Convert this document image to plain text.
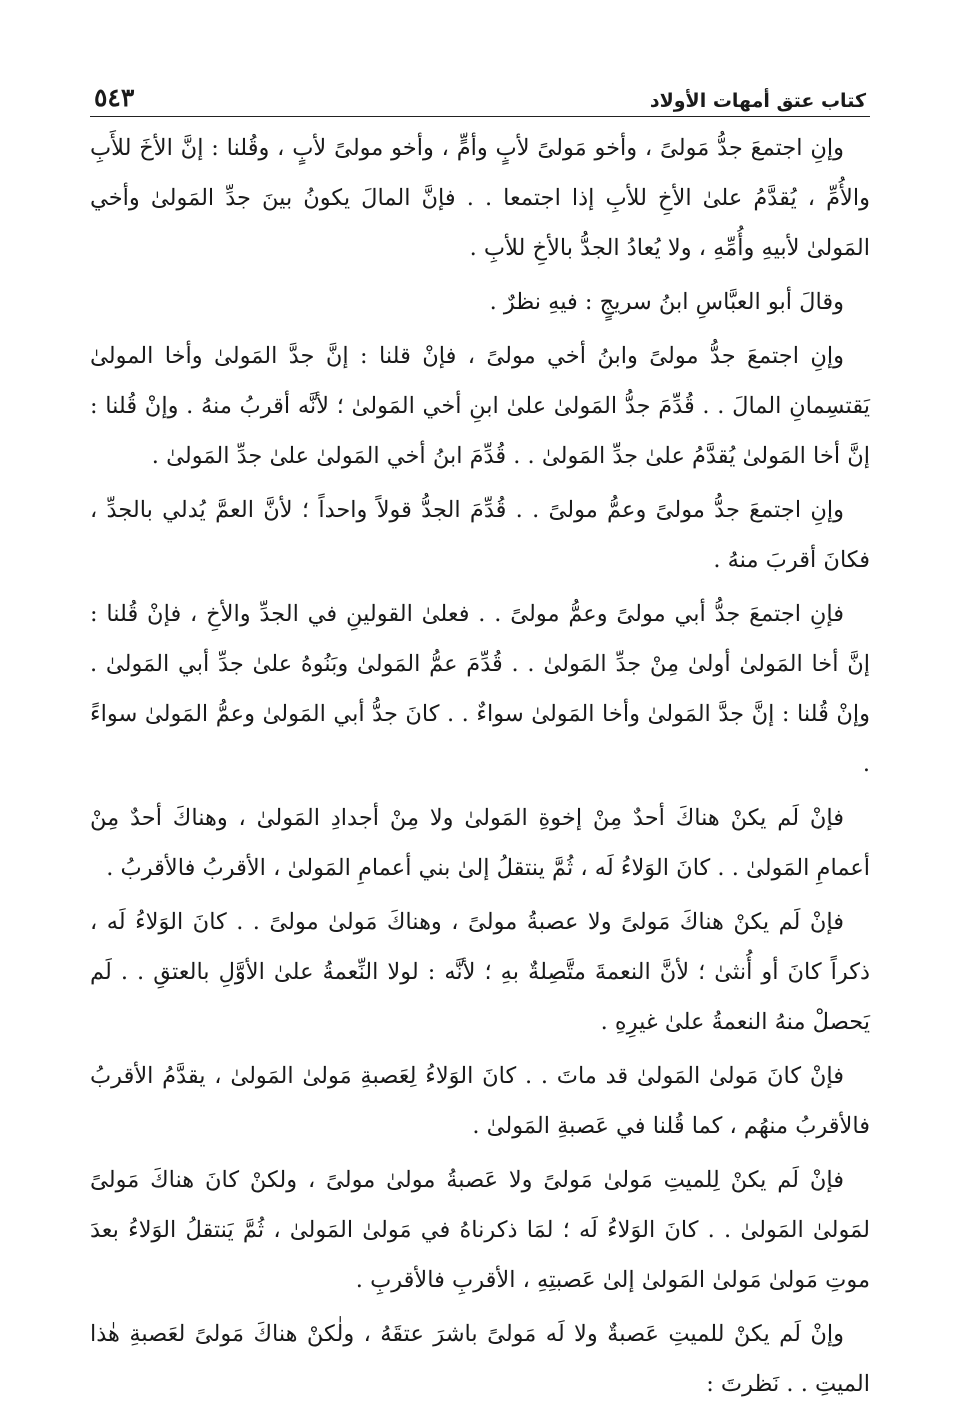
كتاب عتق أمهات الأولاد
٥٤٣

وإنِ اجتمعَ جدُّ مَولىً ، وأخو مَولىً لأبٍ وأمٍّ ، وأخو مولىً لأبٍ ، وقُلنا : إنَّ الأخَ للأَبِ والأُمِّ ، يُقدَّمُ علىٰ الأخِ للأبِ إذا اجتمعا . . فإنَّ المالَ يكونُ بينَ جدِّ المَولىٰ وأخي المَولىٰ لأبيهِ وأُمِّهِ ، ولا يُعادُ الجدُّ بالأخِ للأبِ .

وقالَ أبو العبَّاسِ ابنُ سريجٍ : فيهِ نظرٌ .

وإنِ اجتمعَ جدُّ مولىً وابنُ أخي مولىً ، فإنْ قلنا : إنَّ جدَّ المَولىٰ وأخا المولىٰ يَقتسِمانِ المالَ . . قُدِّمَ جدُّ المَولىٰ علىٰ ابنِ أخي المَولىٰ ؛ لأنَّه أقربُ منهُ . وإنْ قُلنا : إنَّ أخا المَولىٰ يُقدَّمُ علىٰ جدِّ المَولىٰ . . قُدِّمَ ابنُ أخي المَولىٰ علىٰ جدِّ المَولىٰ .

وإنِ اجتمعَ جدُّ مولىً وعمُّ مولىً . . قُدِّمَ الجدُّ قولاً واحداً ؛ لأنَّ العمَّ يُدلي بالجدِّ ، فكانَ أقربَ منهُ .

فإنِ اجتمعَ جدُّ أبي مولىً وعمُّ مولىً . . فعلىٰ القولينِ في الجدِّ والأخِ ، فإنْ قُلنا : إنَّ أخا المَولىٰ أولىٰ مِنْ جدِّ المَولىٰ . . قُدِّمَ عمُّ المَولىٰ وبَنُوهُ علىٰ جدِّ أبي المَولىٰ . وإنْ قُلنا : إنَّ جدَّ المَولىٰ وأخا المَولىٰ سواءٌ . . كانَ جدُّ أبي المَولىٰ وعمُّ المَولىٰ سواءً .

فإنْ لَم يكنْ هناكَ أحدٌ مِنْ إخوةِ المَولىٰ ولا مِنْ أجدادِ المَولىٰ ، وهناكَ أحدٌ مِنْ أعمامِ المَولىٰ . . كانَ الوَلاءُ لَه ، ثُمَّ ينتقلُ إلىٰ بني أعمامِ المَولىٰ ، الأقربُ فالأقربُ .

فإنْ لَم يكنْ هناكَ مَولىً ولا عصبةُ مولىً ، وهناكَ مَولىٰ مولىً . . كانَ الوَلاءُ لَه ، ذكراً كانَ أو أُنثىٰ ؛ لأنَّ النعمةَ متَّصِلةٌ بهِ ؛ لأنَّه : لولا النِّعمةُ علىٰ الأوَّلِ بالعتقِ . . لَم يَحصلْ منهُ النعمةُ علىٰ غيرِهِ .

فإنْ كانَ مَولىٰ المَولىٰ قد ماتَ . . كانَ الوَلاءُ لِعَصبةِ مَولىٰ المَولىٰ ، يقدَّمُ الأقربُ فالأقربُ منهُم ، كما قُلنا في عَصبةِ المَولىٰ .

فإنْ لَم يكنْ لِلميتِ مَولىٰ مَولىً ولا عَصبةُ مولىٰ مولىً ، ولكنْ كانَ هناكَ مَولىً لمَولىٰ المَولىٰ . . كانَ الوَلاءُ لَه ؛ لمَا ذكرناهُ في مَولىٰ المَولىٰ ، ثُمَّ يَنتقلُ الوَلاءُ بعدَ موتِ مَولىٰ مَولىٰ المَولىٰ إلىٰ عَصبتِهِ ، الأقربِ فالأقربِ .

وإنْ لَم يكنْ للميتِ عَصبةٌ ولا لَه مَولىً باشرَ عتقَهُ ، ولٰكنْ هناكَ مَولىً لعَصبةِ هٰذا الميتِ . . نَظرتَ :
